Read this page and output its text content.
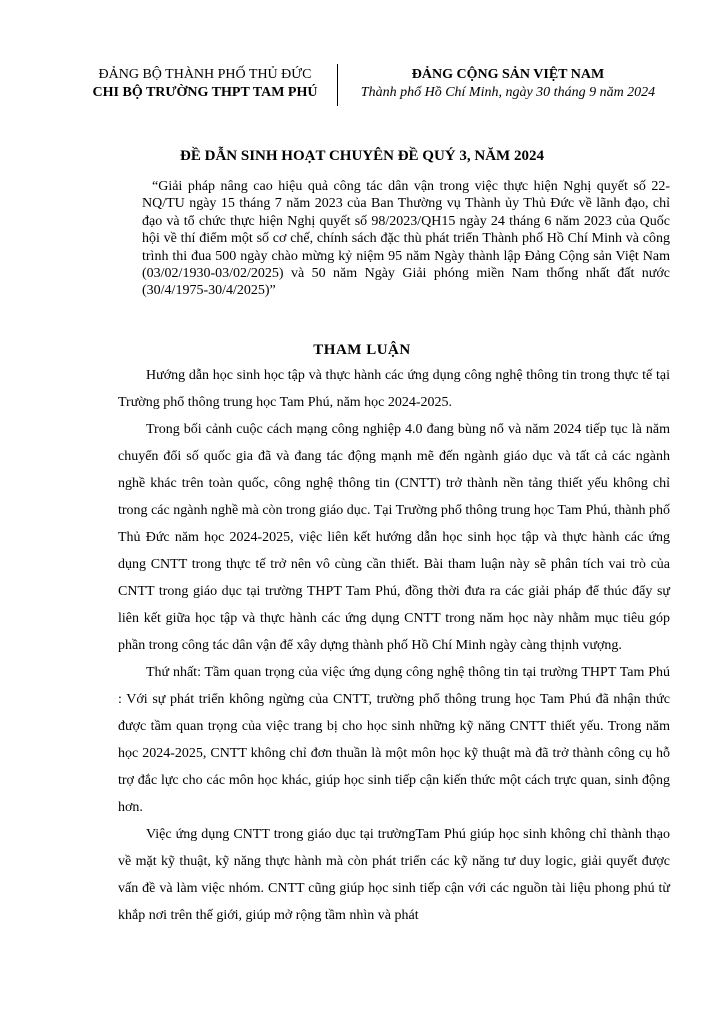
ĐẢNG BỘ THÀNH PHỐ THỦ ĐỨC
CHI BỘ TRƯỜNG THPT TAM PHÚ
ĐẢNG CỘNG SẢN VIỆT NAM
Thành phố Hồ Chí Minh, ngày 30 tháng 9 năm 2024
ĐỀ DẪN SINH HOẠT CHUYÊN ĐỀ QUÝ 3, NĂM 2024
“Giải pháp nâng cao hiệu quả công tác dân vận trong việc thực hiện Nghị quyết số 22-NQ/TU ngày 15 tháng 7 năm 2023 của Ban Thường vụ Thành ủy Thủ Đức về lãnh đạo, chỉ đạo và tổ chức thực hiện Nghị quyết số 98/2023/QH15 ngày 24 tháng 6 năm 2023 của Quốc hội về thí điểm một số cơ chế, chính sách đặc thù phát triển Thành phố Hồ Chí Minh và công trình thi đua 500 ngày chào mừng kỷ niệm 95 năm Ngày thành lập Đảng Cộng sản Việt Nam (03/02/1930-03/02/2025) và 50 năm Ngày Giải phóng miền Nam thống nhất đất nước (30/4/1975-30/4/2025)”
THAM LUẬN

Hướng dẫn học sinh học tập và thực hành các ứng dụng công nghệ thông tin trong thực tế tại Trường phổ thông trung học Tam Phú, năm học 2024-2025.

Trong bối cảnh cuộc cách mạng công nghiệp 4.0 đang bùng nổ và năm 2024 tiếp tục là năm chuyển đổi số quốc gia đã và đang tác động mạnh mẽ đến ngành giáo dục và tất cả các ngành nghề khác trên toàn quốc, công nghệ thông tin (CNTT) trở thành nền tảng thiết yếu không chỉ trong các ngành nghề mà còn trong giáo dục. Tại Trường phổ thông trung học Tam Phú, thành phố Thủ Đức năm học 2024-2025, việc liên kết hướng dẫn học sinh học tập và thực hành các ứng dụng CNTT trong thực tế trở nên vô cùng cần thiết. Bài tham luận này sẽ phân tích vai trò của CNTT trong giáo dục tại trường THPT Tam Phú, đồng thời đưa ra các giải pháp để thúc đẩy sự liên kết giữa học tập và thực hành các ứng dụng CNTT trong năm học này nhằm mục tiêu góp phần trong công tác dân vận để xây dựng thành phố Hồ Chí Minh ngày càng thịnh vượng.

Thứ nhất: Tầm quan trọng của việc ứng dụng công nghệ thông tin tại trường THPT Tam Phú : Với sự phát triển không ngừng của CNTT, trường phổ thông trung học Tam Phú đã nhận thức được tầm quan trọng của việc trang bị cho học sinh những kỹ năng CNTT thiết yếu. Trong năm học 2024-2025, CNTT không chỉ đơn thuần là một môn học kỹ thuật mà đã trở thành công cụ hỗ trợ đắc lực cho các môn học khác, giúp học sinh tiếp cận kiến thức một cách trực quan, sinh động hơn.

Việc ứng dụng CNTT trong giáo dục tại trườngTam Phú giúp học sinh không chỉ thành thạo về mặt kỹ thuật, kỹ năng thực hành mà còn phát triển các kỹ năng tư duy logic, giải quyết được vấn đề và làm việc nhóm. CNTT cũng giúp học sinh tiếp cận với các nguồn tài liệu phong phú từ khắp nơi trên thế giới, giúp mở rộng tầm nhìn và phát
